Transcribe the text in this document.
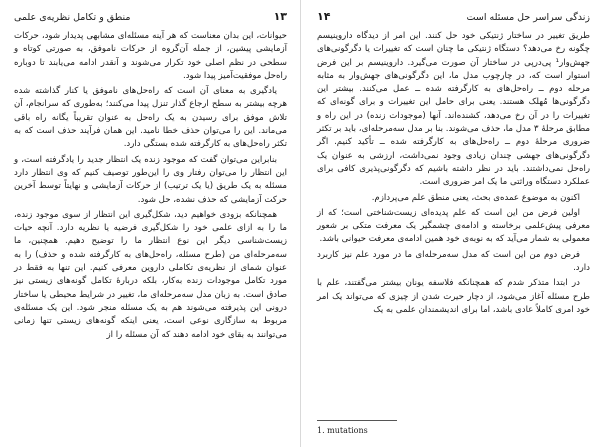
منطق و تکامل نظریه‌ی علمی	۱۳

حیوانات، این بدان معناست که هر آینه مسئله‌ای مشابهی پدیدار شود، حرکات آزمایشی پیشین، از جمله آن‌گروه از حرکات ناموفق، به صورتی کوتاه و سطحی در نظم اصلی خود تکرار می‌شوند و آنقدر ادامه می‌یابند تا دوباره راه‌حل موفقیت‌آمیز پیدا شود.

یادگیری به معنای آن است که راه‌حل‌های ناموفق یا کنار گذاشته شده هرچه بیشتر به سطح ارجاع گذار تنزل پیدا می‌کنند؛ به‌طوری که سرانجام، آن تلاش موفق برای رسیدن به یک راه‌حل به عنوان تقریباً یگانه راه باقی می‌ماند. این را می‌توان حذف خطا نامید. این همان فرآیند حذف است که به تکثر راه‌حل‌های به کارگرفته شده بستگی دارد.

بنابراین می‌توان گفت که موجود زنده یک انتظار جدید را یادگرفته است، و این انتظار را می‌توان رفتار وی را این‌طور توصیف کنیم که وی انتظار دارد مسئله به یک طریق (یا یک ترتیب) از حرکات آزمایشی و نهایتاً توسط آخرین حرکت آزمایشی که حذف نشده، حل شود.

همچنانکه بزودی خواهیم دید، شکل‌گیری این انتظار از سوی موجود زنده، ما را به ازای علمی خود را شکل‌گیری فرضیه یا نظریه دارد. آنچه حیات زیست‌شناسی دیگر این نوع انتظار ما را توضیح دهیم. همچنین، ما سه‌مرحله‌ای من (طرح مسئله، راه‌حل‌های به کارگرفته شده و حذف) را به عنوان شمای از نظریه‌ی تکاملی داروین معرفی کنیم. این تنها به فقط در مورد تکامل موجودات زنده به‌کار، بلکه دربارهٔ تکامل گونه‌های زیستی نیز صادق است. به زبان مدل سه‌مرحله‌ای ما، تغییر در شرایط محیطی یا ساختار درونی این پذیرفته می‌شوند هم به یک مسئله منجر شود. این یک مسئله‌ی مربوط به سازگاری نوعی است، یعنی اینکه گونه‌های زیستی تنها زمانی می‌توانند به بقای خود ادامه دهند که آن مسئله را از

۱۴	زندگی سراسر حل مسئله است

طریق تغییر در ساختار ژنتیکی خود حل کنند. این امر از دیدگاه داروینیسم چگونه رخ می‌دهد؟ دستگاه ژنتیکی ما چنان است که تغییرات یا دگرگونی‌های جهش‌وار¹ پی‌درپی در ساختار آن صورت می‌گیرد. داروینیسم بر این فرض استوار است که، در چارچوب مدل ما، این دگرگونی‌های جهش‌وار به مثابه مرحله دوم ــ راه‌حل‌های به کارگرفته شده ــ عمل می‌کنند. بیشتر این دگرگونی‌ها مُهلک هستند. یعنی برای حامل این تغییرات و برای گونه‌ای که تغییرات را در آن رخ می‌دهد، کشنده‌اند. آنها (موجودات زنده) در این راه و مطابق مرحلهٔ ۳ مدل ما، حذف می‌شوند. بنا بر مدل سه‌مرحله‌ای، باید بر تکثر ضروری مرحلهٔ دوم ــ راه‌حل‌های به کارگرفته شده ــ تأکید کنیم. اگر دگرگونی‌های جهشی چندان زیادی وجود نمی‌داشت، ارزشی به عنوان یک راه‌حل نمی‌داشتند. باید در نظر داشته باشیم که دگرگونی‌پذیری کافی برای عملکرد دستگاه وراثتی ما یک امر ضروری است.

اکنون به موضوع عمده‌ی بحث، یعنی منطق علم می‌پردازم.

اولین فرض من این است که علم پدیده‌ای زیست‌شناختی است؛ که از معرفی پیش‌علمی برخاسته و ادامه‌ی چشمگیر یک معرفت متکی بر شعور معمولی به شمار می‌آید که به نوبه‌ی خود همین ادامه‌ی معرفت حیوانی باشد.

فرض دوم من این است که مدل سه‌مرحله‌ای ما در مورد علم نیز کاربرد دارد.

در ابتدا متذکر شدم که همچنانکه فلاسفه یونان بیشتر می‌گفتند، علم با طرح مسئله آغاز می‌شود، از دچار حیرت شدن از چیزی که می‌تواند یک امر خود امری کاملاً عادی باشد، اما برای اندیشمندان علمی به یک

1. mutations
